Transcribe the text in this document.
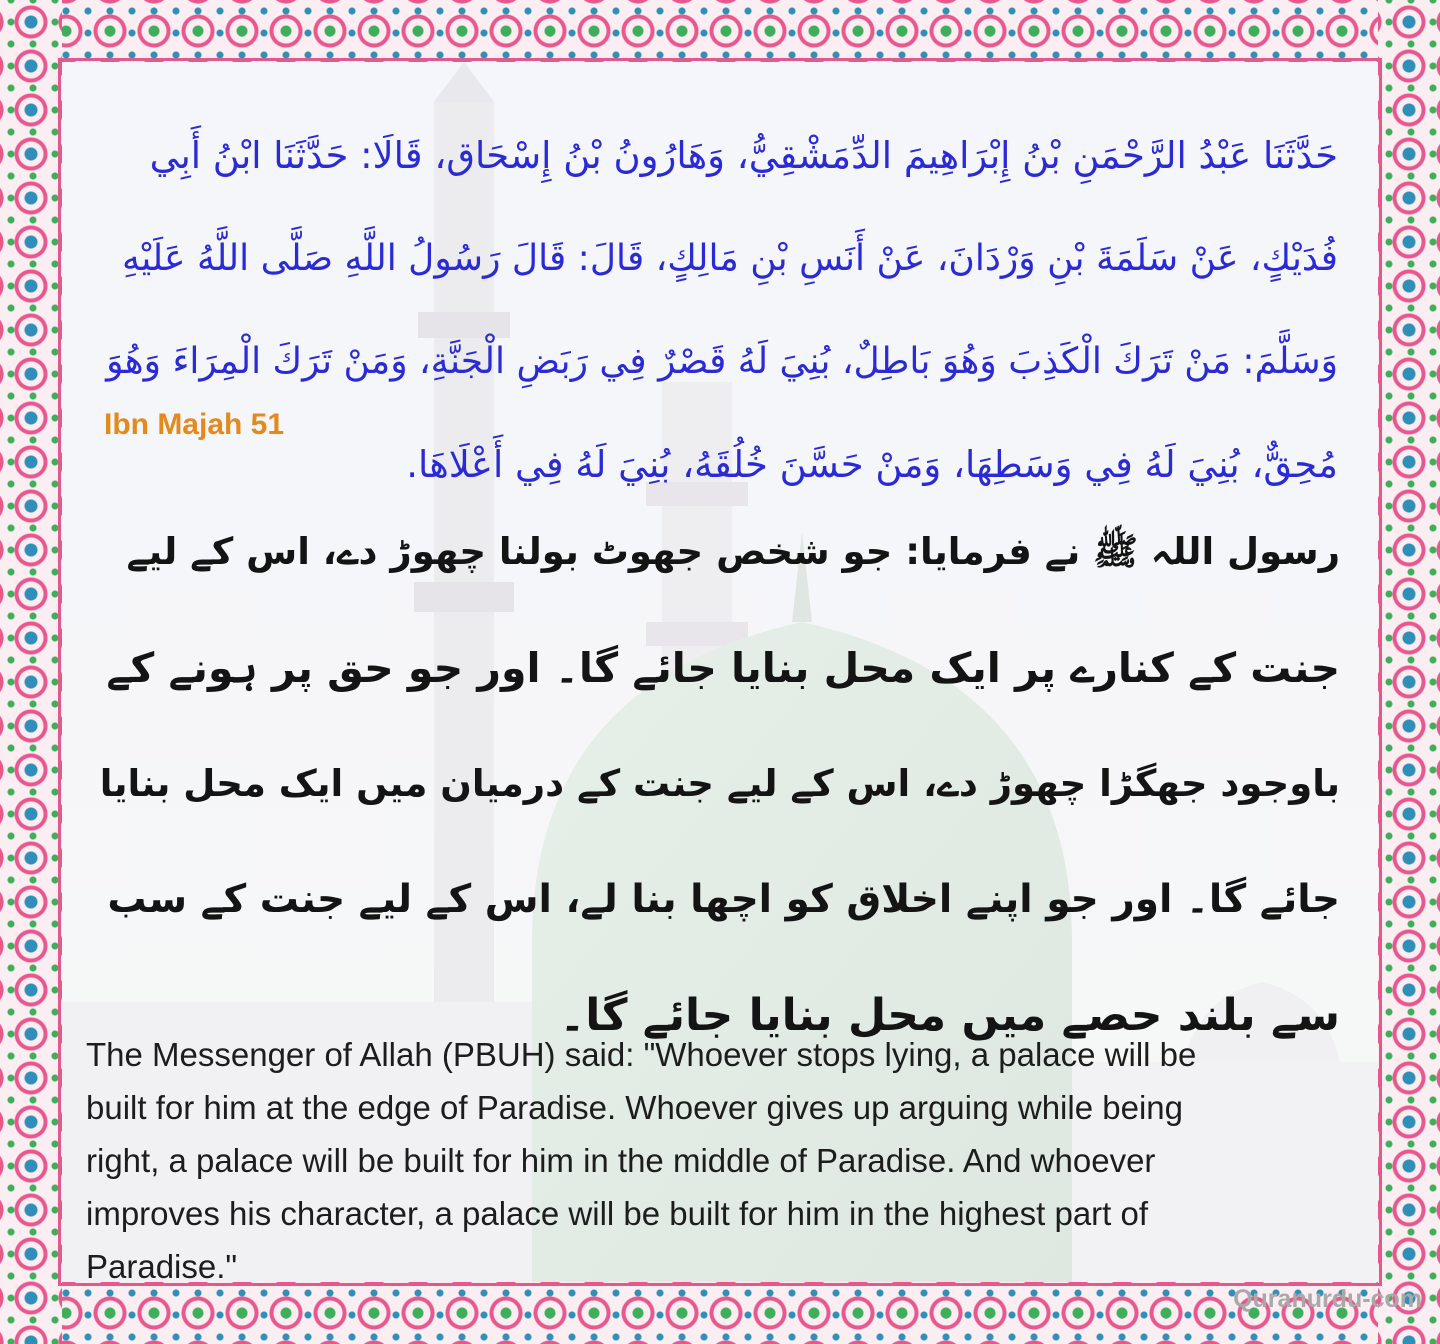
حَدَّثَنَا عَبْدُ الرَّحْمَنِ بْنُ إِبْرَاهِيمَ الدِّمَشْقِيُّ، وَهَارُونُ بْنُ إِسْحَاق، قَالَا: حَدَّثَنَا ابْنُ أَبِي
فُدَيْكٍ، عَنْ سَلَمَةَ بْنِ وَرْدَانَ، عَنْ أَنَسِ بْنِ مَالِكٍ، قَالَ: قَالَ رَسُولُ اللَّهِ صَلَّى اللَّهُ عَلَيْهِ
وَسَلَّمَ: مَنْ تَرَكَ الْكَذِبَ وَهُوَ بَاطِلٌ، بُنِيَ لَهُ قَصْرٌ فِي رَبَضِ الْجَنَّةِ، وَمَنْ تَرَكَ الْمِرَاءَ وَهُوَ
مُحِقٌّ، بُنِيَ لَهُ فِي وَسَطِهَا، وَمَنْ حَسَّنَ خُلُقَهُ، بُنِيَ لَهُ فِي أَعْلَاهَا.
Ibn Majah 51
رسول اللہ ﷺ نے فرمایا: جو شخص جھوٹ بولنا چھوڑ دے، اس کے لیے
جنت کے کنارے پر ایک محل بنایا جائے گا۔ اور جو حق پر ہونے کے
باوجود جھگڑا چھوڑ دے، اس کے لیے جنت کے درمیان میں ایک محل بنایا
جائے گا۔ اور جو اپنے اخلاق کو اچھا بنا لے، اس کے لیے جنت کے سب
سے بلند حصے میں محل بنایا جائے گا۔
The Messenger of Allah (PBUH) said: "Whoever stops lying, a palace will be
built for him at the edge of Paradise. Whoever gives up arguing while being
right, a palace will be built for him in the middle of Paradise. And whoever
improves his character, a palace will be built for him in the highest part of
Paradise."
Quranurdu-com
